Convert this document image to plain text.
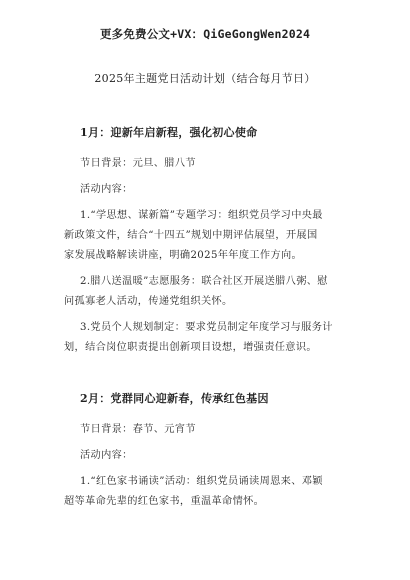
更多免费公文+VX：QiGeGongWen2024
2025年主题党日活动计划（结合每月节日）
1月：迎新年启新程，强化初心使命
节日背景：元旦、腊八节
活动内容：
1.“学思想、谋新篇”专题学习：组织党员学习中央最
新政策文件，结合“十四五”规划中期评估展望，开展国
家发展战略解读讲座，明确2025年年度工作方向。
2.腊八送温暖”志愿服务：联合社区开展送腊八粥、慰
问孤寡老人活动，传递党组织关怀。
3.党员个人规划制定：要求党员制定年度学习与服务计
划，结合岗位职责提出创新项目设想，增强责任意识。
2月：党群同心迎新春，传承红色基因
节日背景：春节、元宵节
活动内容：
1.“红色家书诵读”活动：组织党员诵读周恩来、邓颖
超等革命先辈的红色家书，重温革命情怀。
